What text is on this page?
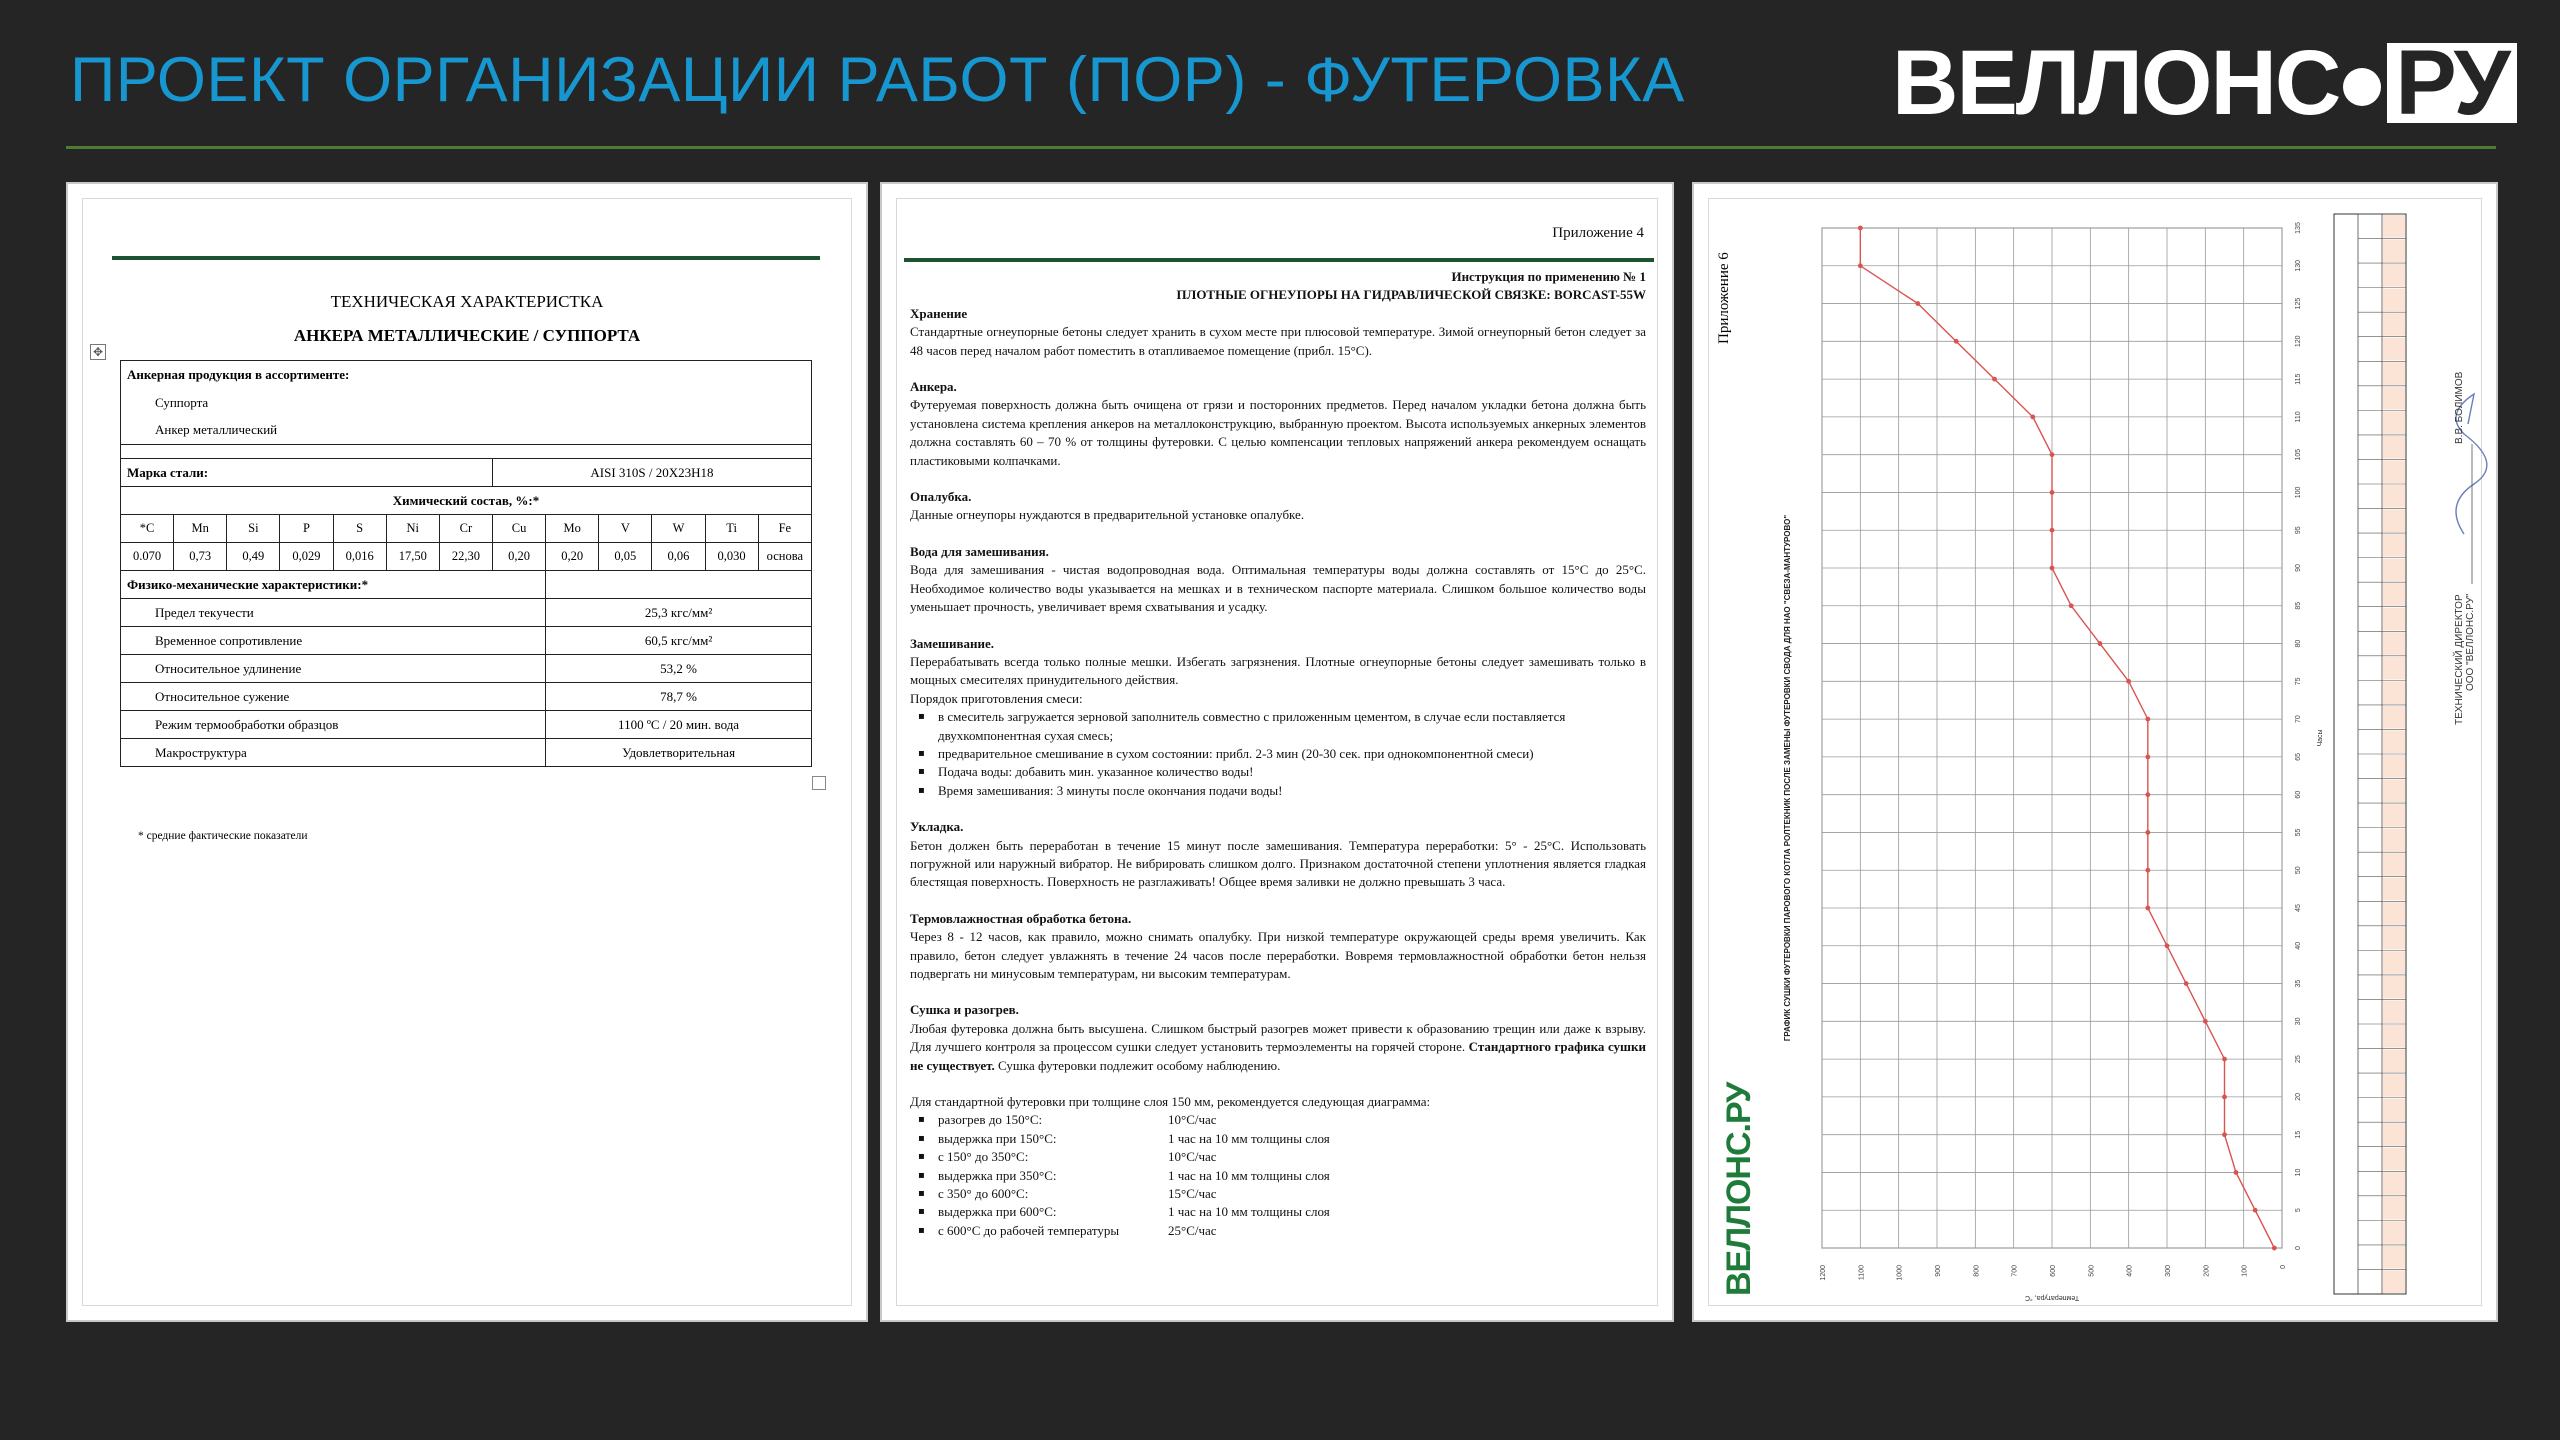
ПРОЕКТ ОРГАНИЗАЦИИ РАБОТ (ПОР) - ФУТЕРОВКА ВЕЛЛОНС РУ
ТЕХНИЧЕСКАЯ ХАРАКТЕРИСТКА
АНКЕРА МЕТАЛЛИЧЕСКИЕ / СУППОРТА
✥
Анкерная продукция в ассортименте:												
Суппорта												
Анкер металлический												

Марка стали:							AISI 310S / 20Х23Н18					
Химический состав, %:*												
*C	Mn	Si	P	S	Ni	Cr	Cu	Mo	V	W	Ti	Fe
0.070	0,73	0,49	0,029	0,016	17,50	22,30	0,20	0,20	0,05	0,06	0,030	основа
Физико-механические характеристики:*												
Предел текучести								25,3 кгс/мм²				
Временное сопротивление								60,5 кгс/мм²				
Относительное удлинение								53,2 %				
Относительное сужение								78,7 %				
Режим термообработки образцов								1100 ºС / 20 мин. вода				
Макроструктура								Удовлетворительная				
* средние фактические показатели
Приложение 4
Инструкция по применению № 1
ПЛОТНЫЕ ОГНЕУПОРЫ НА ГИДРАВЛИЧЕСКОЙ СВЯЗКЕ: BORCAST-55W
Хранение

Стандартные огнеупорные бетоны следует хранить в сухом месте при плюсовой температуре. Зимой огнеупорный бетон следует за 48 часов перед началом работ поместить в отапливаемое помещение (прибл. 15°С).

Анкера.

Футеруемая поверхность должна быть очищена от грязи и посторонних предметов. Перед началом укладки бетона должна быть установлена система крепления анкеров на металлоконструкцию, выбранную проектом. Высота используемых анкерных элементов должна составлять 60 – 70 % от толщины футеровки. С целью компенсации тепловых напряжений анкера рекомендуем оснащать пластиковыми колпачками.

Опалубка.

Данные огнеупоры нуждаются в предварительной установке опалубке.

Вода для замешивания.

Вода для замешивания - чистая водопроводная вода. Оптимальная температуры воды должна составлять от 15°С до 25°С. Необходимое количество воды указывается на мешках и в техническом паспорте материала. Слишком большое количество воды уменьшает прочность, увеличивает время схватывания и усадку.

Замешивание.

Перерабатывать всегда только полные мешки. Избегать загрязнения. Плотные огнеупорные бетоны следует замешивать только в мощных смесителях принудительного действия.

Порядок приготовления смеси:
▪ в смеситель загружается зерновой заполнитель совместно с приложенным цементом, в случае если поставляется двухкомпонентная сухая смесь;
▪ предварительное смешивание в сухом состоянии: прибл. 2-3 мин (20-30 сек. при однокомпонентной смеси)
▪ Подача воды: добавить мин. указанное количество воды!
▪ Время замешивания: 3 минуты после окончания подачи воды!
Укладка.

Бетон должен быть переработан в течение 15 минут после замешивания. Температура переработки: 5° - 25°С. Использовать погружной или наружный вибратор. Не вибрировать слишком долго. Признаком достаточной степени уплотнения является гладкая блестящая поверхность. Поверхность не разглаживать! Общее время заливки не должно превышать 3 часа.

Термовлажностная обработка бетона.

Через 8 - 12 часов, как правило, можно снимать опалубку. При низкой температуре окружающей среды время увеличить. Как правило, бетон следует увлажнять в течение 24 часов после переработки. Вовремя термовлажностной обработки бетон нельзя подвергать ни минусовым температурам, ни высоким температурам.

Сушка и разогрев.

Любая футеровка должна быть высушена. Слишком быстрый разогрев может привести к образованию трещин или даже к взрыву. Для лучшего контроля за процессом сушки следует установить термоэлементы на горячей стороне. Стандартного графика сушки не существует. Сушка футеровки подлежит особому наблюдению.

Для стандартной футеровки при толщине слоя 150 мм, рекомендуется следующая диаграмма:
▪ разогрев до 150°С:	10°С/час
▪ выдержка при 150°С:	1 час на 10 мм толщины слоя
▪ с 150° до 350°С:	10°С/час
▪ выдержка при 350°С:	1 час на 10 мм толщины слоя
▪ с 350° до 600°С:	15°С/час
▪ выдержка при 600°С:	1 час на 10 мм толщины слоя
▪ с 600°С до рабочей температуры	25°С/час
Приложение 6
ВЕЛЛОНС.РУ	0
100
200
300
400
500
600
700
800
900
1000
1100
1200
0
5
10
15
20
25
30
35
40
45
50
55
60
65
70
75
80
85
90
95
100
105
110
115
120
125
130
135
Часы
Температура, °С
ГРАФИК СУШКИ ФУТЕРОВКИ ПАРОВОГО КОТЛА РОЛТЕКНИК ПОСЛЕ ЗАМЕНЫ ФУТЕРОВКИ СВОДА ДЛЯ НАО "СВЕЗА-МАНТУРОВО"	ТЕХНИЧЕСКИЙ ДИРЕКТОР
ООО "ВЕЛЛОНС.РУ"
В.В. БОЛИМОВ
